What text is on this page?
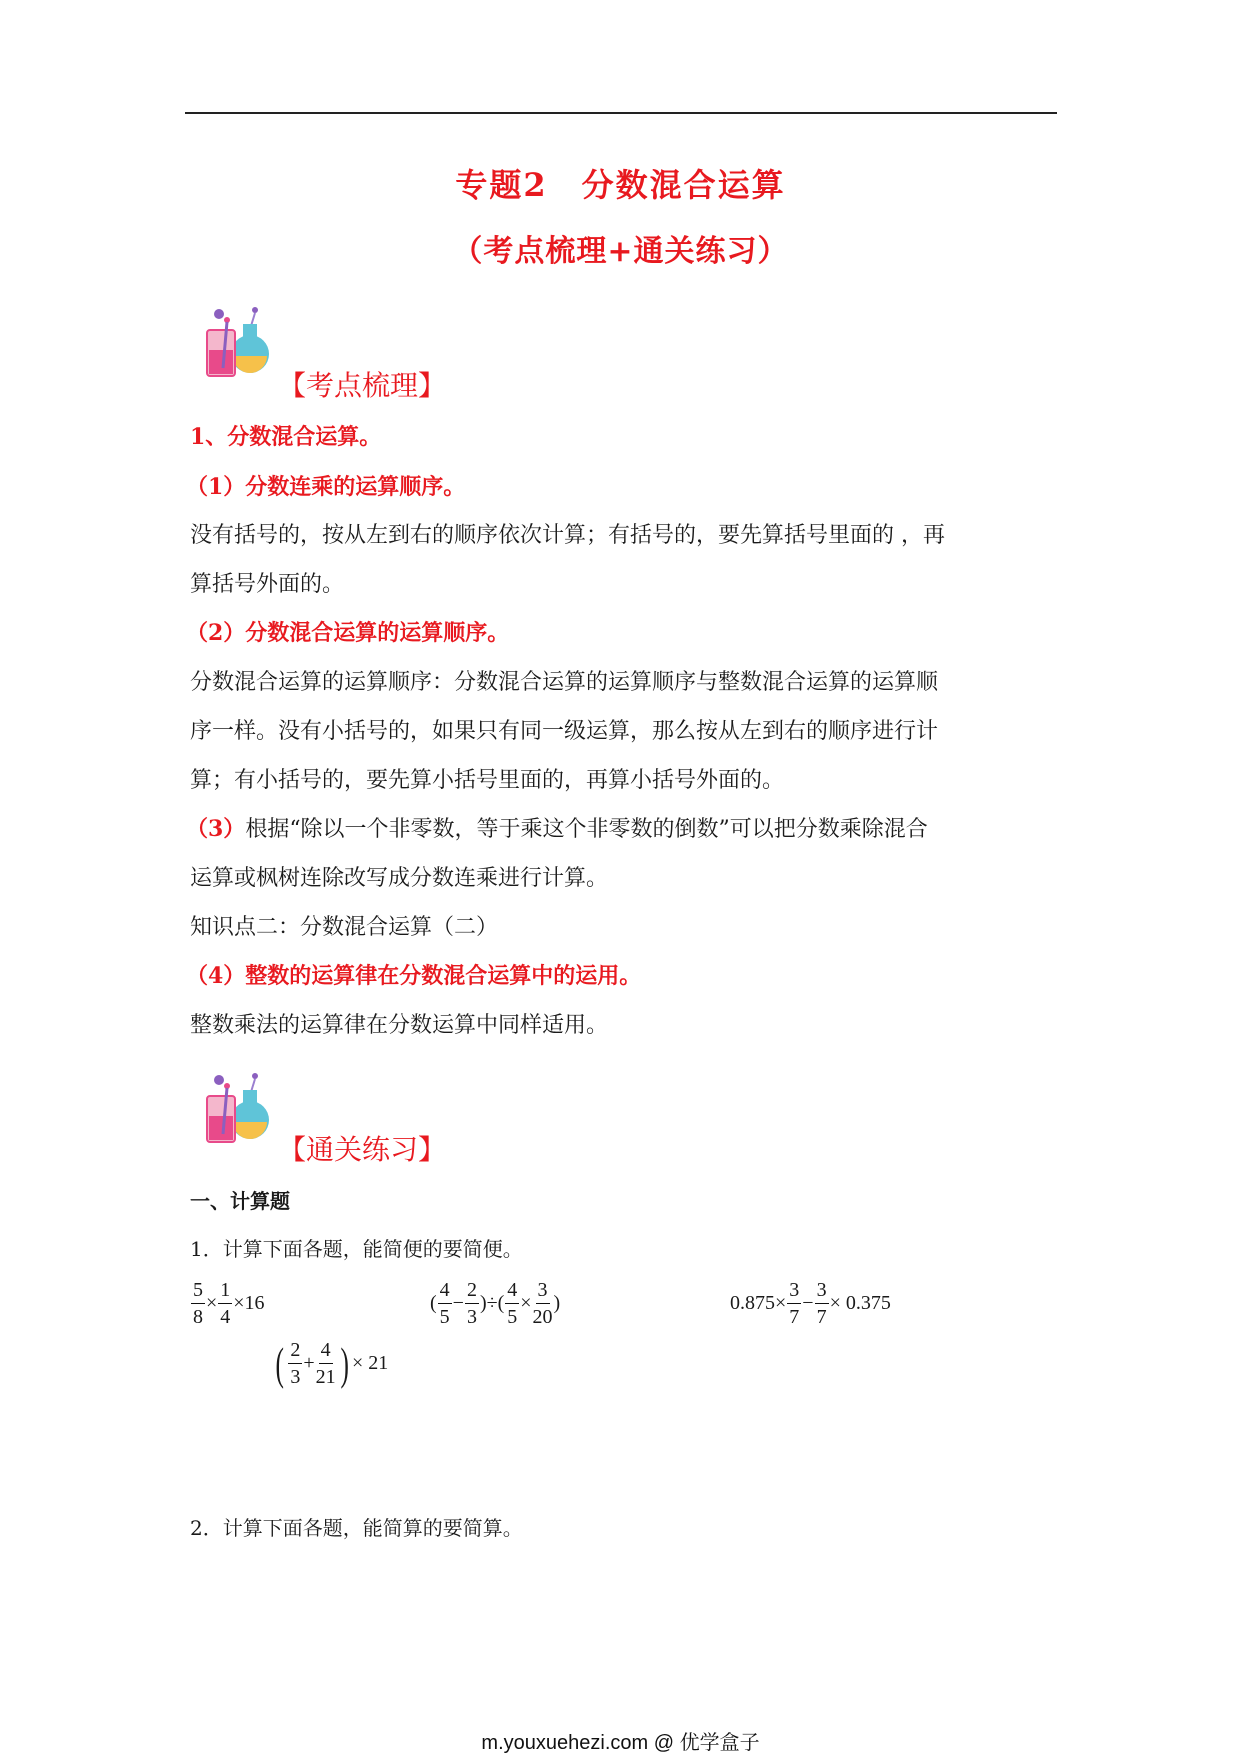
专题2　分数混合运算
（考点梳理+通关练习）
【考点梳理】
1、分数混合运算。
（1）分数连乘的运算顺序。
没有括号的，按从左到右的顺序依次计算；有括号的，要先算括号里面的 ，再
算括号外面的。
（2）分数混合运算的运算顺序。
分数混合运算的运算顺序：分数混合运算的运算顺序与整数混合运算的运算顺
序一样。没有小括号的，如果只有同一级运算，那么按从左到右的顺序进行计
算；有小括号的，要先算小括号里面的，再算小括号外面的。
（3）根据“除以一个非零数，等于乘这个非零数的倒数”可以把分数乘除混合
运算或枫树连除改写成分数连乘进行计算。
知识点二：分数混合运算（二）
（4）整数的运算律在分数混合运算中的运用。
整数乘法的运算律在分数运算中同样适用。
【通关练习】
一、计算题
1．计算下面各题，能简便的要简便。
$\frac{5}{8} \times \frac{1}{4} \times 16$	( $\frac{4}{5} - \frac{2}{3}$ )÷( $\frac{4}{5} \times \frac{3}{20}$ )	$0.875\times \frac{3}{7} - \frac{3}{7} \times 0.375$
( $\frac{2}{3} + \frac{4}{21}$ ) × 21
2．计算下面各题，能简算的要简算。
m.youxuehezi.com @ 优学盒子
